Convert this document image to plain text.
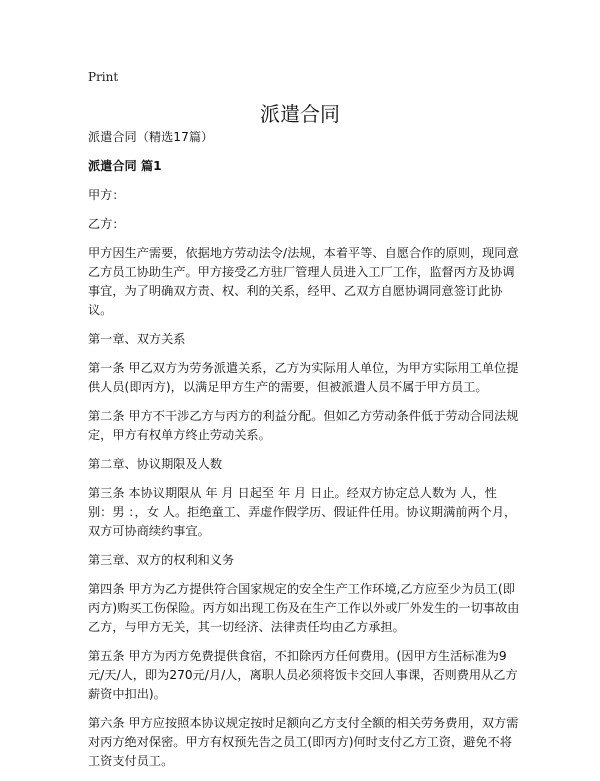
Print
派遣合同

派遣合同（精选17篇）

派遣合同 篇1

甲方：

乙方：

甲方因生产需要，依据地方劳动法令/法规，本着平等、自愿合作的原则，现同意乙方员工协助生产。甲方接受乙方驻厂管理人员进入工厂工作，监督丙方及协调事宜，为了明确双方责、权、利的关系，经甲、乙双方自愿协调同意签订此协议。

第一章、双方关系

第一条 甲乙双方为劳务派遣关系，乙方为实际用人单位，为甲方实际用工单位提供人员(即丙方)，以满足甲方生产的需要，但被派遣人员不属于甲方员工。

第二条 甲方不干涉乙方与丙方的利益分配。但如乙方劳动条件低于劳动合同法规定，甲方有权单方终止劳动关系。

第二章、协议期限及人数

第三条 本协议期限从 年 月 日起至 年 月 日止。经双方协定总人数为 人，性别：男 ：，女 人。拒绝童工、弄虚作假学历、假证件任用。协议期满前两个月，双方可协商续约事宜。

第三章、双方的权利和义务

第四条 甲方为乙方提供符合国家规定的安全生产工作环境,乙方应至少为员工(即丙方)购买工伤保险。丙方如出现工伤及在生产工作以外或厂外发生的一切事故由乙方，与甲方无关，其一切经济、法律责任均由乙方承担。

第五条 甲方为丙方免费提供食宿，不扣除丙方任何费用。(因甲方生活标准为9元/天/人，即为270元/月/人，离职人员必须将饭卡交回人事课，否则费用从乙方薪资中扣出)。

第六条 甲方应按照本协议规定按时足额向乙方支付全额的相关劳务费用，双方需对丙方绝对保密。甲方有权预先告之员工(即丙方)何时支付乙方工资，避免不将工资支付员工。
